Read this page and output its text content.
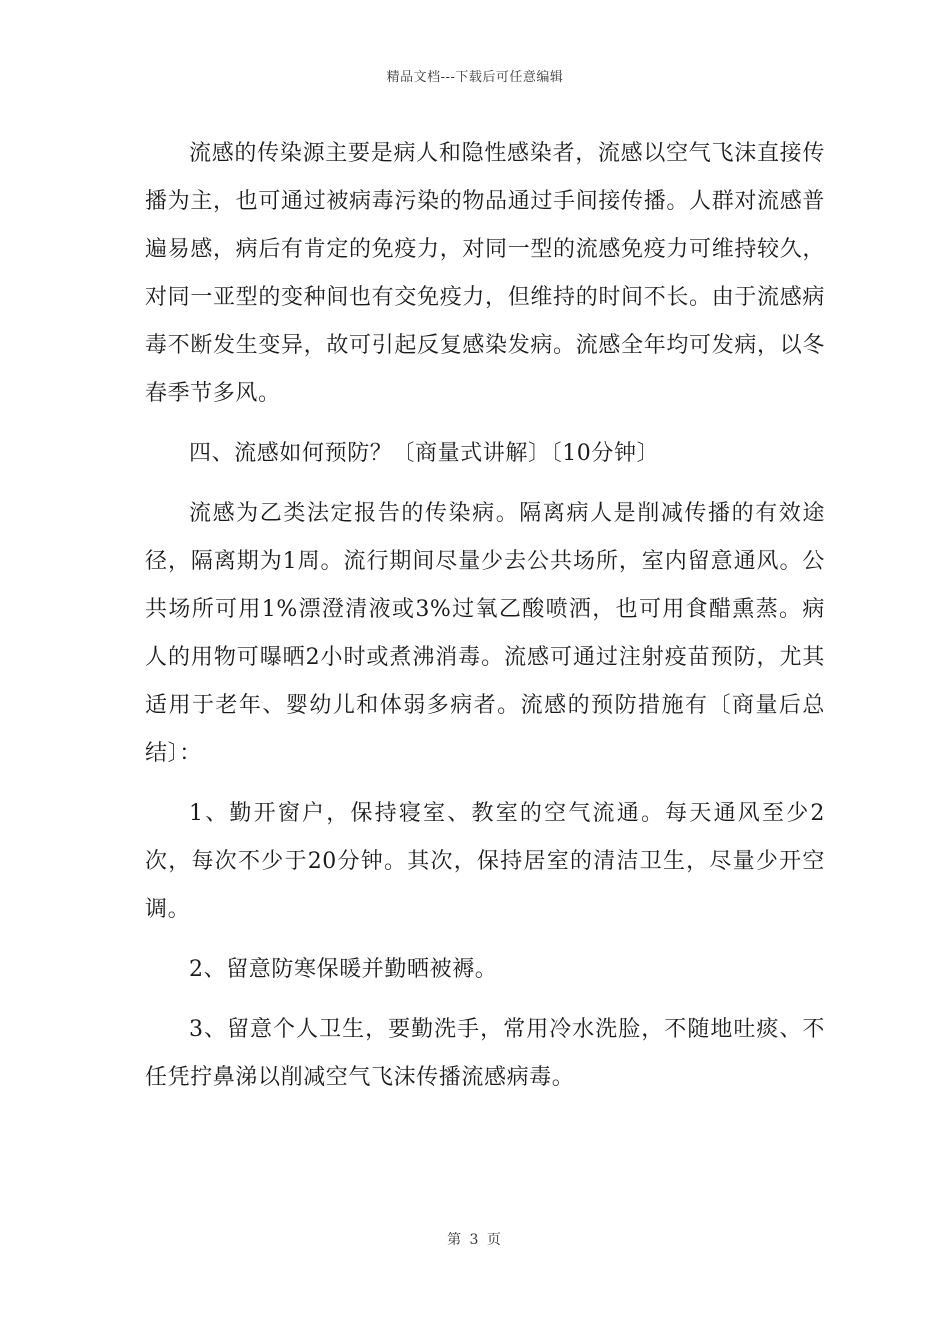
精品文档---下载后可任意编辑

流感的传染源主要是病人和隐性感染者，流感以空气飞沫直接传播为主，也可通过被病毒污染的物品通过手间接传播。人群对流感普遍易感，病后有肯定的免疫力，对同一型的流感免疫力可维持较久，对同一亚型的变种间也有交免疫力，但维持的时间不长。由于流感病毒不断发生变异，故可引起反复感染发病。流感全年均可发病，以冬春季节多风。

四、流感如何预防？〔商量式讲解〕〔10分钟〕

流感为乙类法定报告的传染病。隔离病人是削减传播的有效途径，隔离期为1周。流行期间尽量少去公共场所，室内留意通风。公共场所可用1%漂澄清液或3%过氧乙酸喷洒，也可用食醋熏蒸。病人的用物可曝晒2小时或煮沸消毒。流感可通过注射疫苗预防，尤其适用于老年、婴幼儿和体弱多病者。流感的预防措施有〔商量后总结〕：

1、勤开窗户，保持寝室、教室的空气流通。每天通风至少2次，每次不少于20分钟。其次，保持居室的清洁卫生，尽量少开空调。

2、留意防寒保暖并勤晒被褥。

3、留意个人卫生，要勤洗手，常用冷水洗脸，不随地吐痰、不任凭拧鼻涕以削减空气飞沫传播流感病毒。

第 3 页
